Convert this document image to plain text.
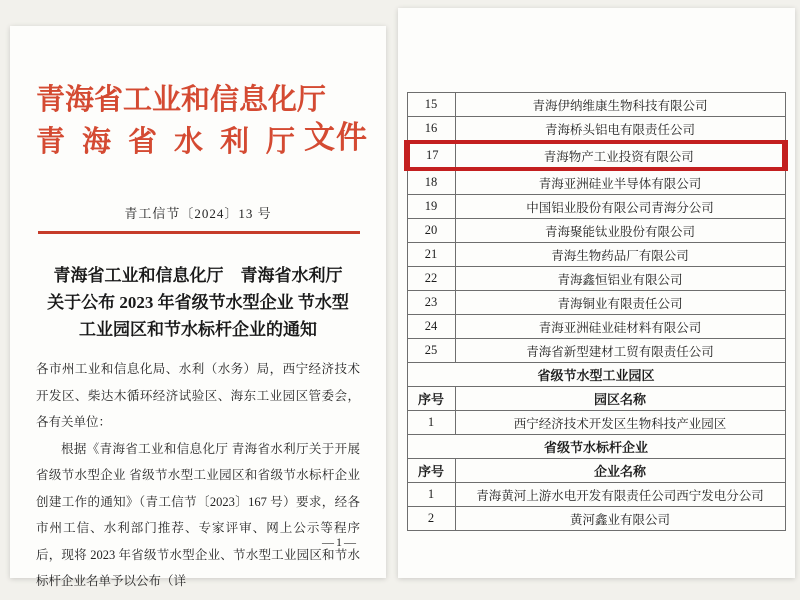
青海省工业和信息化厅
青海省水利厅
文件
青工信节〔2024〕13 号
青海省工业和信息化厅　青海省水利厅
关于公布 2023 年省级节水型企业 节水型
工业园区和节水标杆企业的通知

各市州工业和信息化局、水利（水务）局，西宁经济技术开发区、柴达木循环经济试验区、海东工业园区管委会，各有关单位：

根据《青海省工业和信息化厅 青海省水利厅关于开展省级节水型企业 省级节水型工业园区和省级节水标杆企业创建工作的通知》（青工信节〔2023〕167 号）要求，经各市州工信、水利部门推荐、专家评审、网上公示等程序后，现将 2023 年省级节水型企业、节水型工业园区和节水标杆企业名单予以公布（详

—1—
15	青海伊纳维康生物科技有限公司
16	青海桥头铝电有限责任公司
17	青海物产工业投资有限公司
18	青海亚洲硅业半导体有限公司
19	中国铝业股份有限公司青海分公司
20	青海聚能钛业股份有限公司
21	青海生物药品厂有限公司
22	青海鑫恒铝业有限公司
23	青海铜业有限责任公司
24	青海亚洲硅业硅材料有限公司
25	青海省新型建材工贸有限责任公司
省级节水型工业园区	
序号	园区名称
1	西宁经济技术开发区生物科技产业园区
省级节水标杆企业	
序号	企业名称
1	青海黄河上游水电开发有限责任公司西宁发电分公司
2	黄河鑫业有限公司
